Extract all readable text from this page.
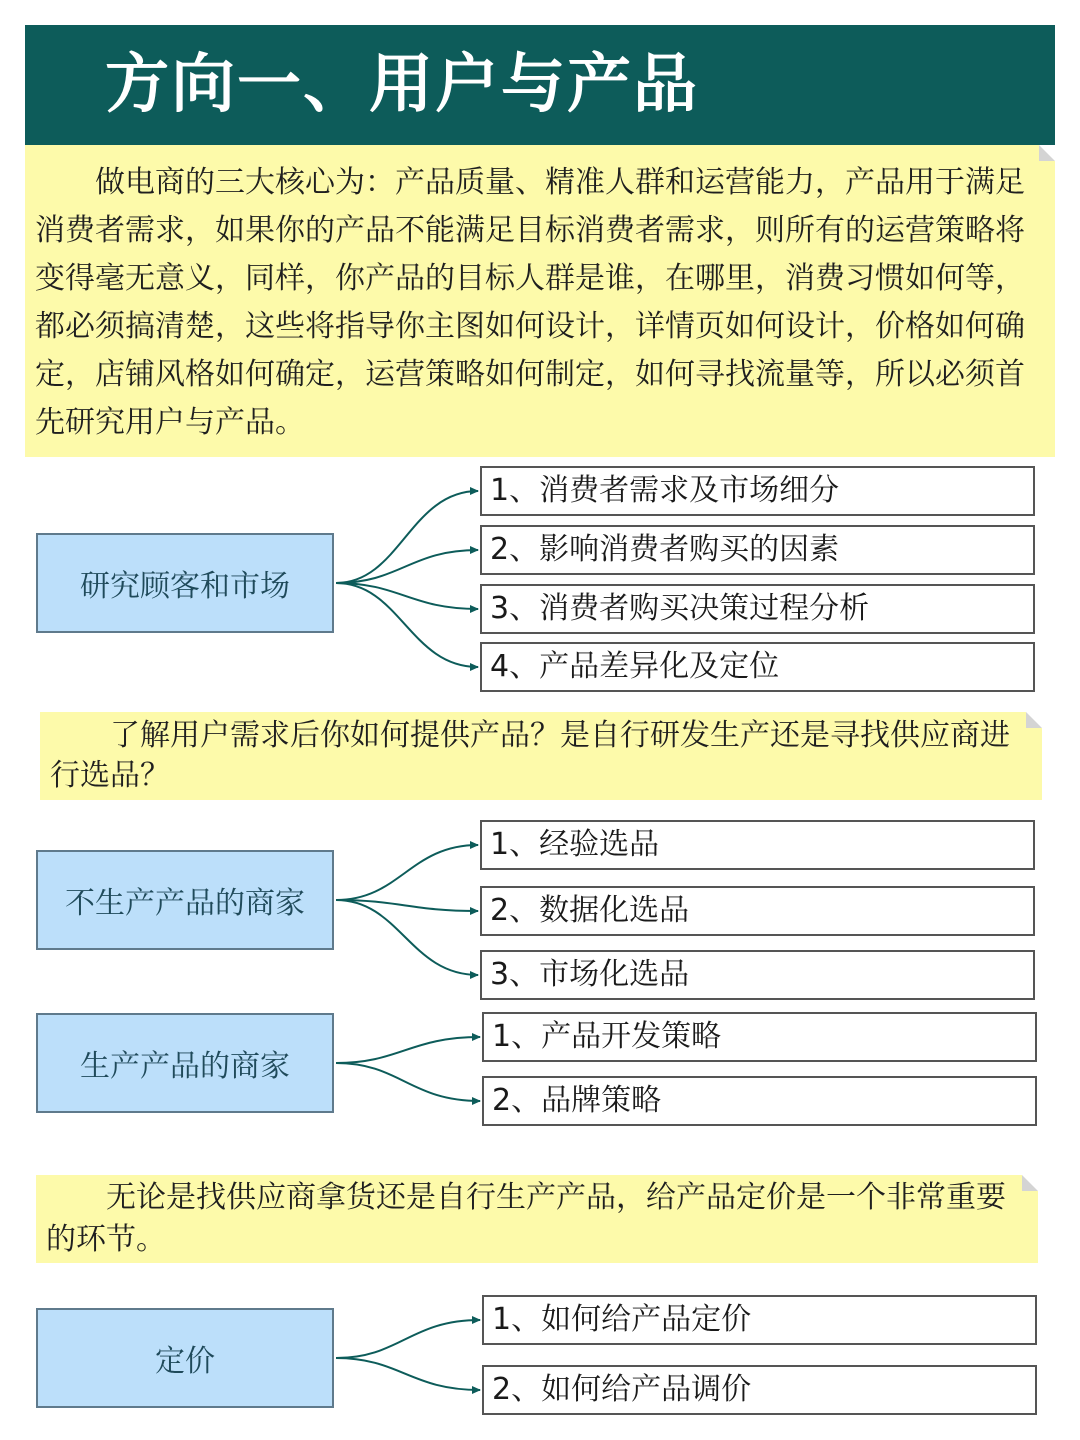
方向一、用户与产品

做电商的三大核心为：产品质量、精准人群和运营能力，产品用于满足消费者需求，如果你的产品不能满足目标消费者需求，则所有的运营策略将变得毫无意义，同样，你产品的目标人群是谁，在哪里，消费习惯如何等，都必须搞清楚，这些将指导你主图如何设计，详情页如何设计，价格如何确定，店铺风格如何确定，运营策略如何制定，如何寻找流量等，所以必须首先研究用户与产品。

研究顾客和市场
1、消费者需求及市场细分
2、影响消费者购买的因素
3、消费者购买决策过程分析
4、产品差异化及定位

了解用户需求后你如何提供产品？是自行研发生产还是寻找供应商进行选品？

不生产产品的商家
1、经验选品
2、数据化选品
3、市场化选品
生产产品的商家
1、产品开发策略
2、品牌策略

无论是找供应商拿货还是自行生产产品，给产品定价是一个非常重要的环节。

定价
1、如何给产品定价
2、如何给产品调价
